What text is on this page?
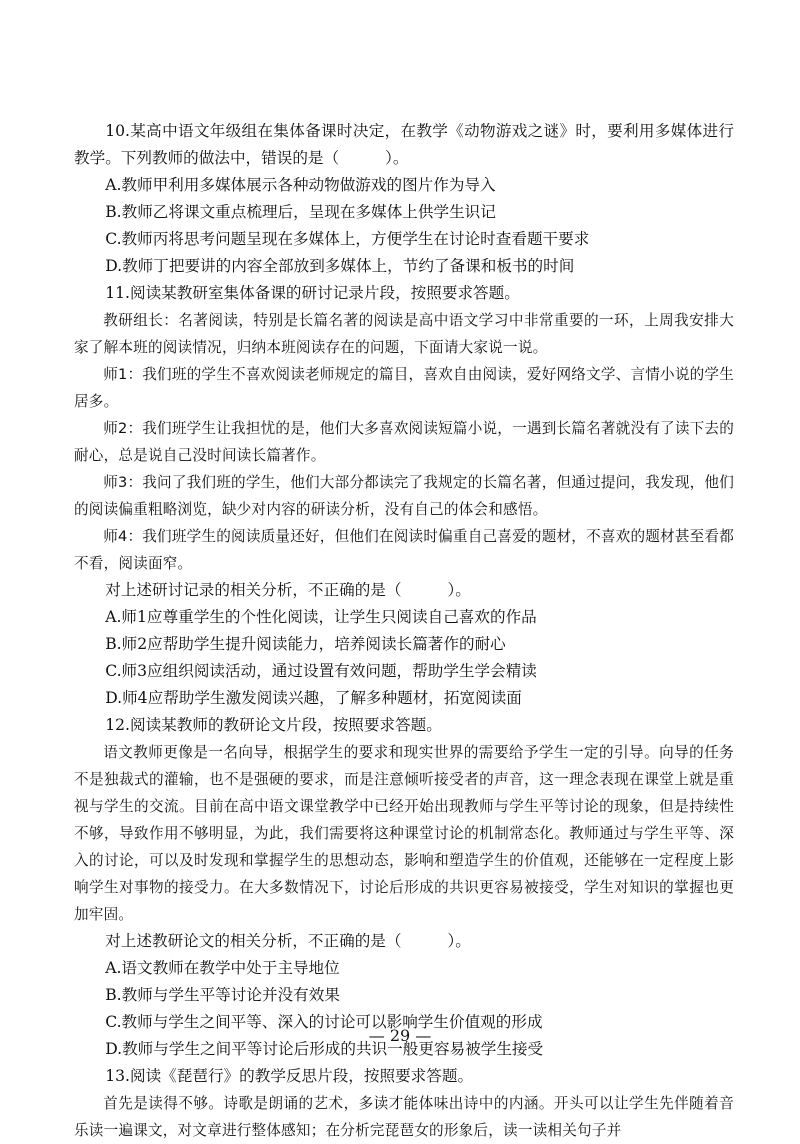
10.某高中语文年级组在集体备课时决定，在教学《动物游戏之谜》时，要利用多媒体进行教学。下列教师的做法中，错误的是（	）。

A.教师甲利用多媒体展示各种动物做游戏的图片作为导入

B.教师乙将课文重点梳理后，呈现在多媒体上供学生识记

C.教师丙将思考问题呈现在多媒体上，方便学生在讨论时查看题干要求

D.教师丁把要讲的内容全部放到多媒体上，节约了备课和板书的时间

11.阅读某教研室集体备课的研讨记录片段，按照要求答题。

教研组长：名著阅读，特别是长篇名著的阅读是高中语文学习中非常重要的一环，上周我安排大家了解本班的阅读情况，归纳本班阅读存在的问题，下面请大家说一说。

师1：我们班的学生不喜欢阅读老师规定的篇目，喜欢自由阅读，爱好网络文学、言情小说的学生居多。

师2：我们班学生让我担忧的是，他们大多喜欢阅读短篇小说，一遇到长篇名著就没有了读下去的耐心，总是说自己没时间读长篇著作。

师3：我问了我们班的学生，他们大部分都读完了我规定的长篇名著，但通过提问，我发现，他们的阅读偏重粗略浏览，缺少对内容的研读分析，没有自己的体会和感悟。

师4：我们班学生的阅读质量还好，但他们在阅读时偏重自己喜爱的题材，不喜欢的题材甚至看都不看，阅读面窄。

对上述研讨记录的相关分析，不正确的是（	）。

A.师1应尊重学生的个性化阅读，让学生只阅读自己喜欢的作品

B.师2应帮助学生提升阅读能力，培养阅读长篇著作的耐心

C.师3应组织阅读活动，通过设置有效问题，帮助学生学会精读

D.师4应帮助学生激发阅读兴趣，了解多种题材，拓宽阅读面

12.阅读某教师的教研论文片段，按照要求答题。

语文教师更像是一名向导，根据学生的要求和现实世界的需要给予学生一定的引导。向导的任务不是独裁式的灌输，也不是强硬的要求，而是注意倾听接受者的声音，这一理念表现在课堂上就是重视与学生的交流。目前在高中语文课堂教学中已经开始出现教师与学生平等讨论的现象，但是持续性不够，导致作用不够明显，为此，我们需要将这种课堂讨论的机制常态化。教师通过与学生平等、深入的讨论，可以及时发现和掌握学生的思想动态，影响和塑造学生的价值观，还能够在一定程度上影响学生对事物的接受力。在大多数情况下，讨论后形成的共识更容易被接受，学生对知识的掌握也更加牢固。

对上述教研论文的相关分析，不正确的是（	）。

A.语文教师在教学中处于主导地位

B.教师与学生平等讨论并没有效果

C.教师与学生之间平等、深入的讨论可以影响学生价值观的形成

D.教师与学生之间平等讨论后形成的共识一般更容易被学生接受

13.阅读《琵琶行》的教学反思片段，按照要求答题。

首先是读得不够。诗歌是朗诵的艺术，多读才能体味出诗中的内涵。开头可以让学生先伴随着音乐读一遍课文，对文章进行整体感知；在分析完琵琶女的形象后，读一读相关句子并

— 29 —
